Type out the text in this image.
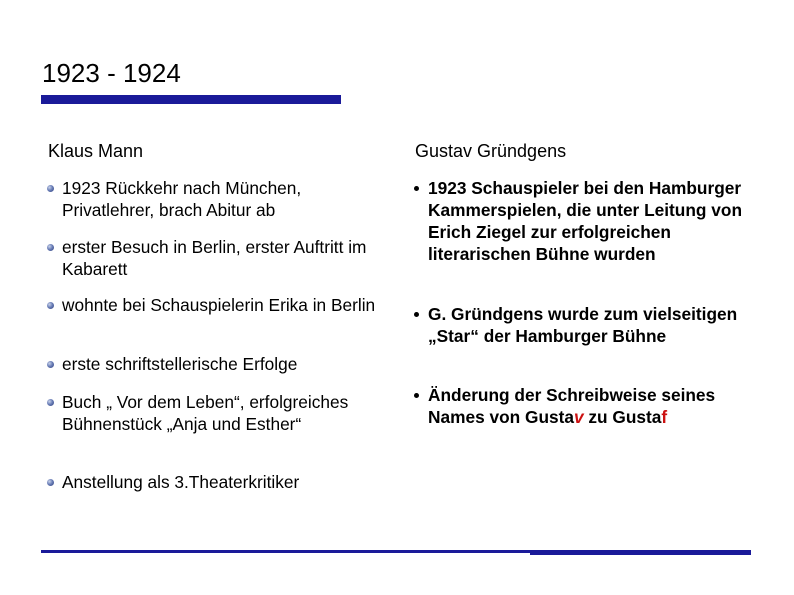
1923 - 1924
Klaus Mann	Gustav Gründgens
1923 Rückkehr nach München, Privatlehrer, brach Abitur ab
erster Besuch in Berlin, erster Auftritt im Kabarett
wohnte bei Schauspielerin Erika in Berlin
erste schriftstellerische Erfolge
Buch „ Vor dem Leben“, erfolgreiches Bühnenstück „Anja und Esther“
Anstellung als 3.Theaterkritiker
1923 Schauspieler bei den Hamburger Kammerspielen, die unter Leitung von Erich Ziegel zur erfolgreichen literarischen Bühne wurden
G. Gründgens wurde zum vielseitigen „Star“ der Hamburger Bühne
Änderung der Schreibweise seines Names von Gustav zu Gustaf
